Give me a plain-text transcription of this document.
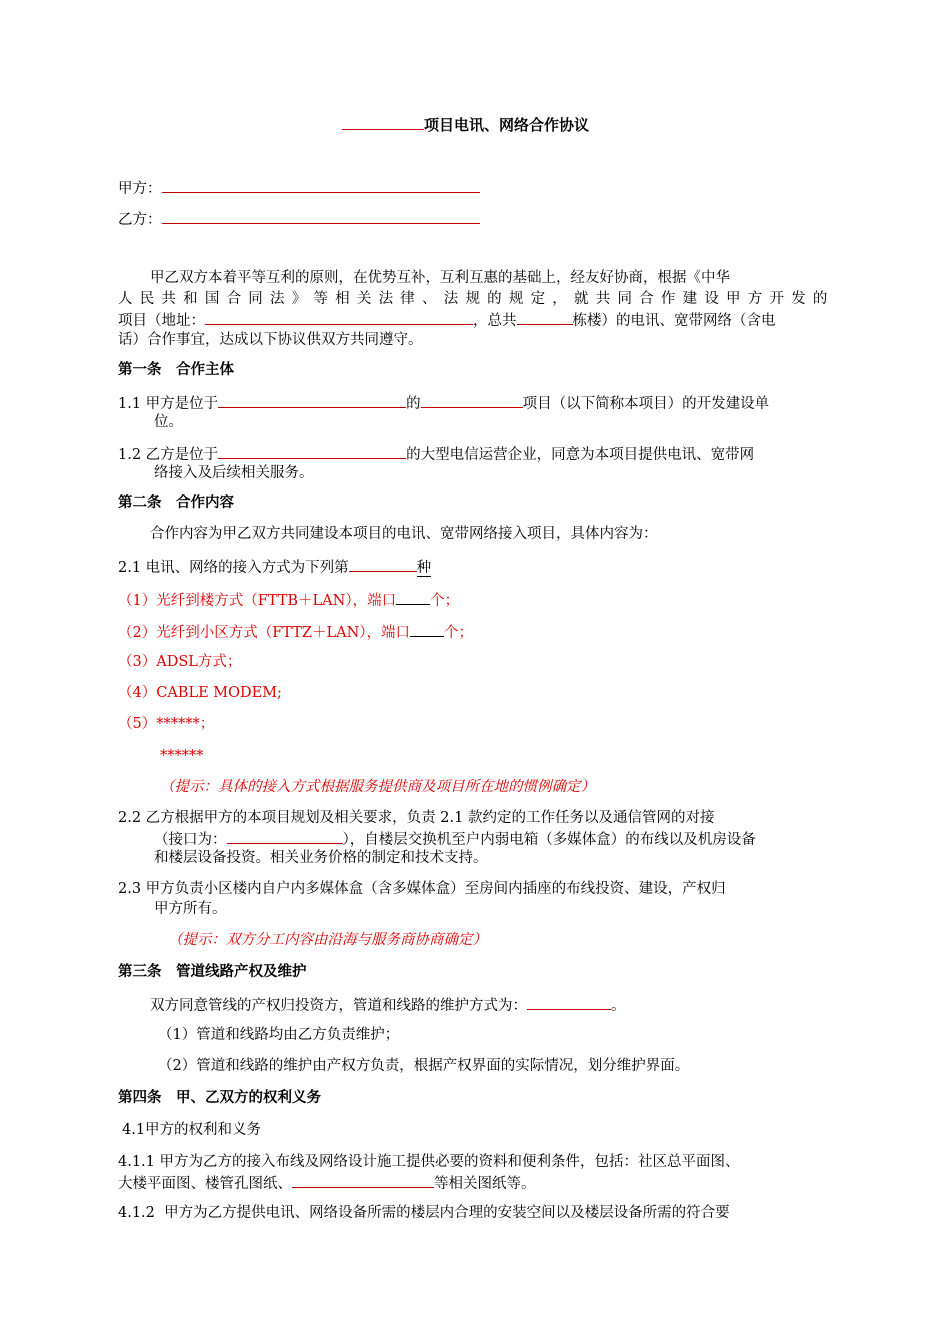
项目电讯、网络合作协议
甲方：
乙方：
甲乙双方本着平等互利的原则，在优势互补，互利互惠的基础上，经友好协商，根据《中华
人民共和国合同法》等相关法律、法规的规定，就共同合作建设甲方开发的
项目（地址：	，总共	栋楼）的电讯、宽带网络（含电
话）合作事宜，达成以下协议供双方共同遵守。
第一条　合作主体
1.1 甲方是位于	的	项目（以下简称本项目）的开发建设单
位。
1.2 乙方是位于	的大型电信运营企业，同意为本项目提供电讯、宽带网
络接入及后续相关服务。
第二条　合作内容
合作内容为甲乙双方共同建设本项目的电讯、宽带网络接入项目，具体内容为：
2.1 电讯、网络的接入方式为下列第	种
（1）光纤到楼方式（FTTB＋LAN），端口 个；
（2）光纤到小区方式（FTTZ＋LAN），端口 个；
（3）ADSL方式；
（4）CABLE MODEM;
（5）******；
******
（提示：具体的接入方式根据服务提供商及项目所在地的惯例确定）
2.2 乙方根据甲方的本项目规划及相关要求，负责 2.1 款约定的工作任务以及通信管网的对接
（接口为：	），自楼层交换机至户内弱电箱（多媒体盒）的布线以及机房设备
和楼层设备投资。相关业务价格的制定和技术支持。
2.3 甲方负责小区楼内自户内多媒体盒（含多媒体盒）至房间内插座的布线投资、建设，产权归
甲方所有。
（提示：双方分工内容由沿海与服务商协商确定）
第三条　管道线路产权及维护
双方同意管线的产权归投资方，管道和线路的维护方式为：	。
（1）管道和线路均由乙方负责维护；
（2）管道和线路的维护由产权方负责，根据产权界面的实际情况，划分维护界面。
第四条　甲、乙双方的权利义务
4.1甲方的权利和义务
4.1.1 甲方为乙方的接入布线及网络设计施工提供必要的资料和便利条件，包括：社区总平面图、
大楼平面图、楼管孔图纸、	等相关图纸等。
4.1.2 甲方为乙方提供电讯、网络设备所需的楼层内合理的安装空间以及楼层设备所需的符合要
